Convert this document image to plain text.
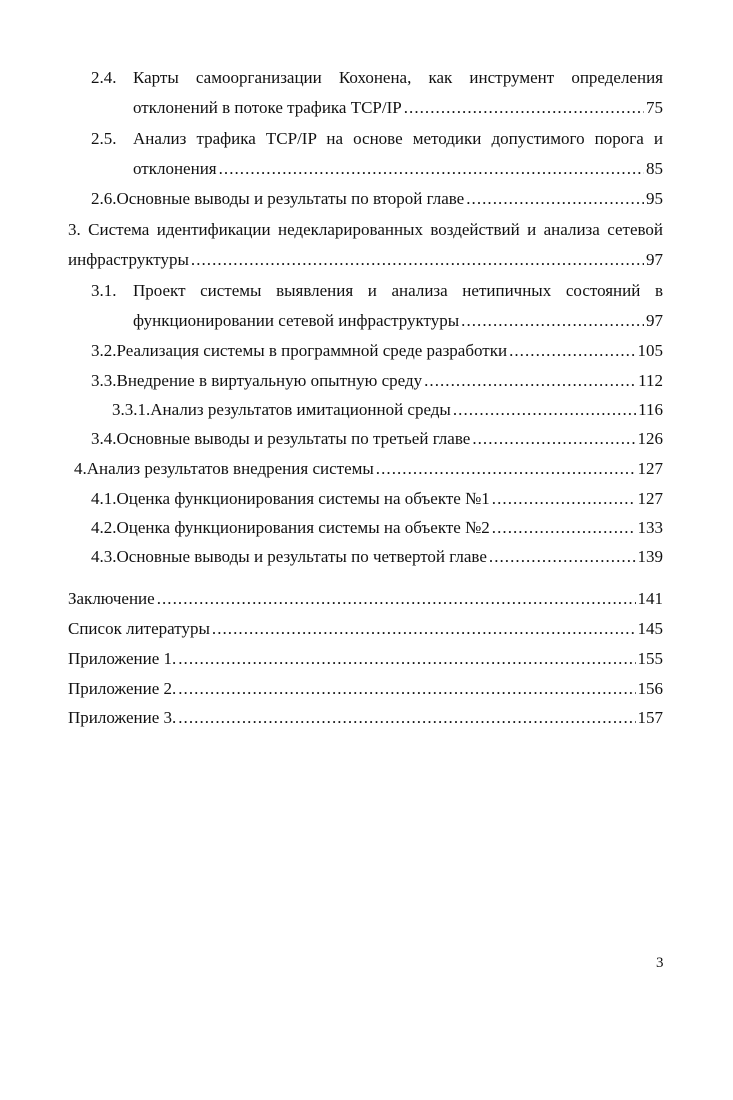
2.4. Карты самоорганизации Кохонена, как инструмент определения
отклонений в потоке трафика TCP/IP . . .	75
2.5. Анализ трафика TCP/IP на основе методики допустимого порога и
отклонения . . .	85
2.6. Основные выводы и результаты по второй главе . . .	95
3. Система идентификации недекларированных воздействий и анализа сетевой
инфраструктуры . . .	97
3.1. Проект системы выявления и анализа нетипичных состояний в
функционировании сетевой инфраструктуры . . .	97
3.2. Реализация системы в программной среде разработки . . .	105
3.3. Внедрение в виртуальную опытную среду . . .	112
3.3.1. Анализ результатов имитационной среды . . .	116
3.4. Основные выводы и результаты по третьей главе . . .	126
4. Анализ результатов внедрения системы . . .	127
4.1. Оценка функционирования системы на объекте №1 . . .	127
4.2. Оценка функционирования системы на объекте №2 . . .	133
4.3. Основные выводы и результаты по четвертой главе . . .	139
Заключение . . .	141
Список литературы . . .	145
Приложение 1. . . .	155
Приложение 2. . . .	156
Приложение 3. . . .	157
3
